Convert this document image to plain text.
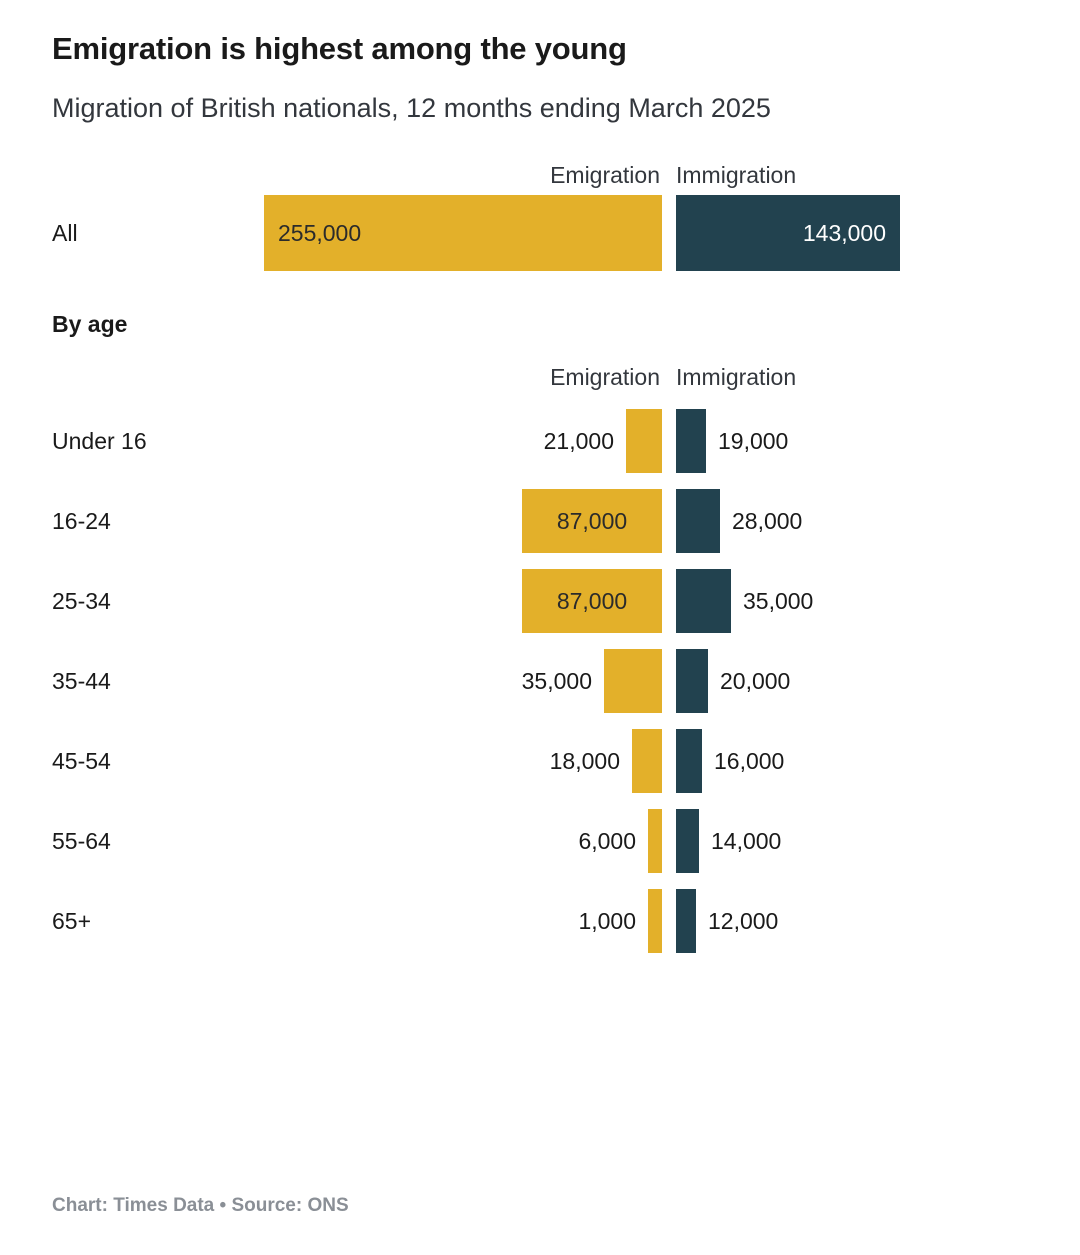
Emigration is highest among the young
Migration of British nationals, 12 months ending March 2025
Emigration Immigration
All	255,000	143,000
By age
Emigration Immigration
Under 16	21,000	19,000
16-24	87,000	28,000
25-34	87,000	35,000
35-44	35,000	20,000
45-54	18,000	16,000
55-64	6,000	14,000
65+	1,000	12,000
Chart: Times Data • Source: ONS
